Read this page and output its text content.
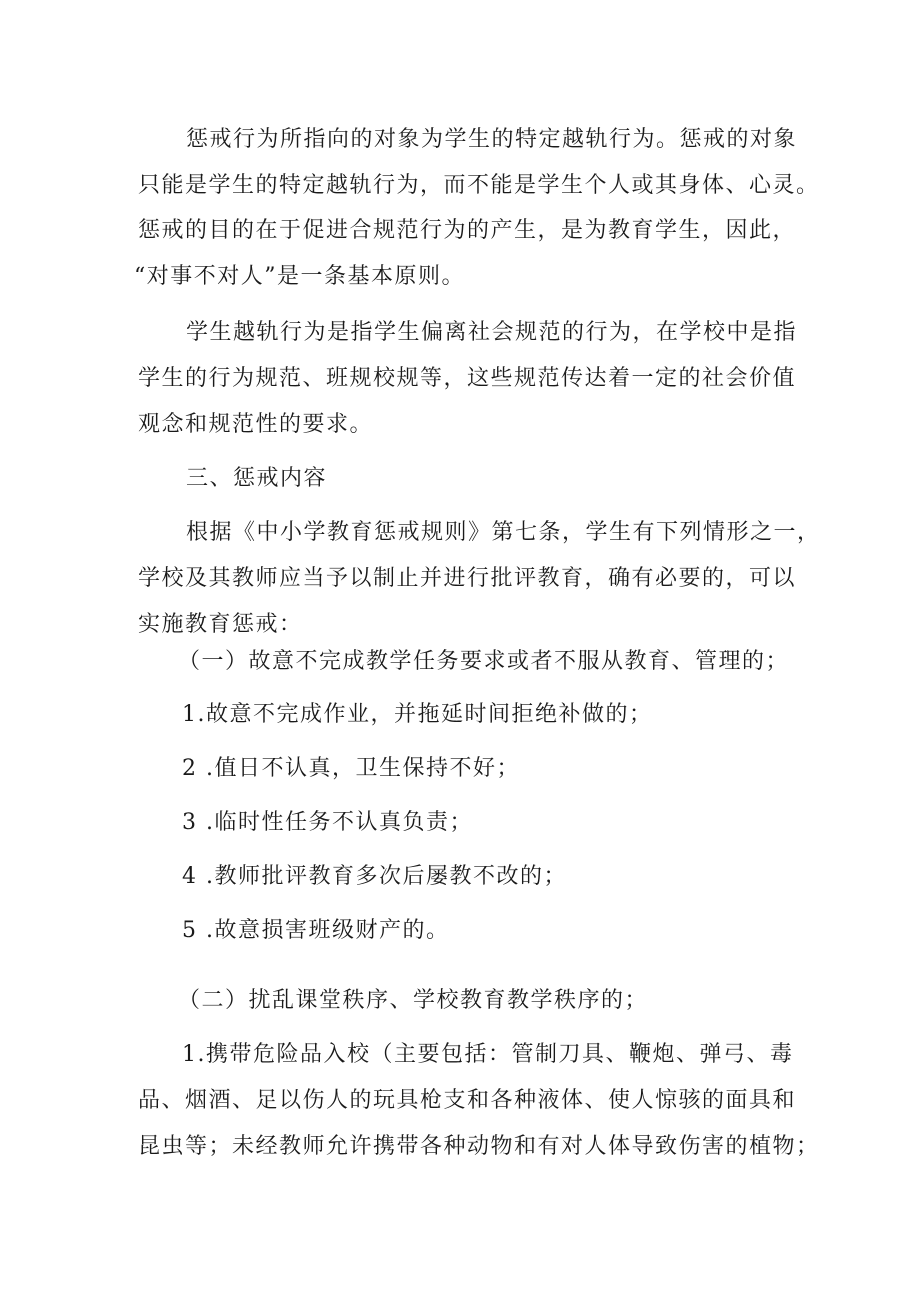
惩戒行为所指向的对象为学生的特定越轨行为。惩戒的对象
只能是学生的特定越轨行为，而不能是学生个人或其身体、心灵。
惩戒的目的在于促进合规范行为的产生，是为教育学生，因此，
“对事不对人”是一条基本原则。
学生越轨行为是指学生偏离社会规范的行为，在学校中是指
学生的行为规范、班规校规等，这些规范传达着一定的社会价值
观念和规范性的要求。
三、惩戒内容
根据《中小学教育惩戒规则》第七条，学生有下列情形之一，
学校及其教师应当予以制止并进行批评教育，确有必要的，可以
实施教育惩戒：
（一）故意不完成教学任务要求或者不服从教育、管理的；
1.故意不完成作业，并拖延时间拒绝补做的；
2 .值日不认真，卫生保持不好；
3 .临时性任务不认真负责；
4 .教师批评教育多次后屡教不改的；
5 .故意损害班级财产的。
（二）扰乱课堂秩序、学校教育教学秩序的；
1.携带危险品入校（主要包括：管制刀具、鞭炮、弹弓、毒
品、烟酒、足以伤人的玩具枪支和各种液体、使人惊骇的面具和
昆虫等；未经教师允许携带各种动物和有对人体导致伤害的植物；
